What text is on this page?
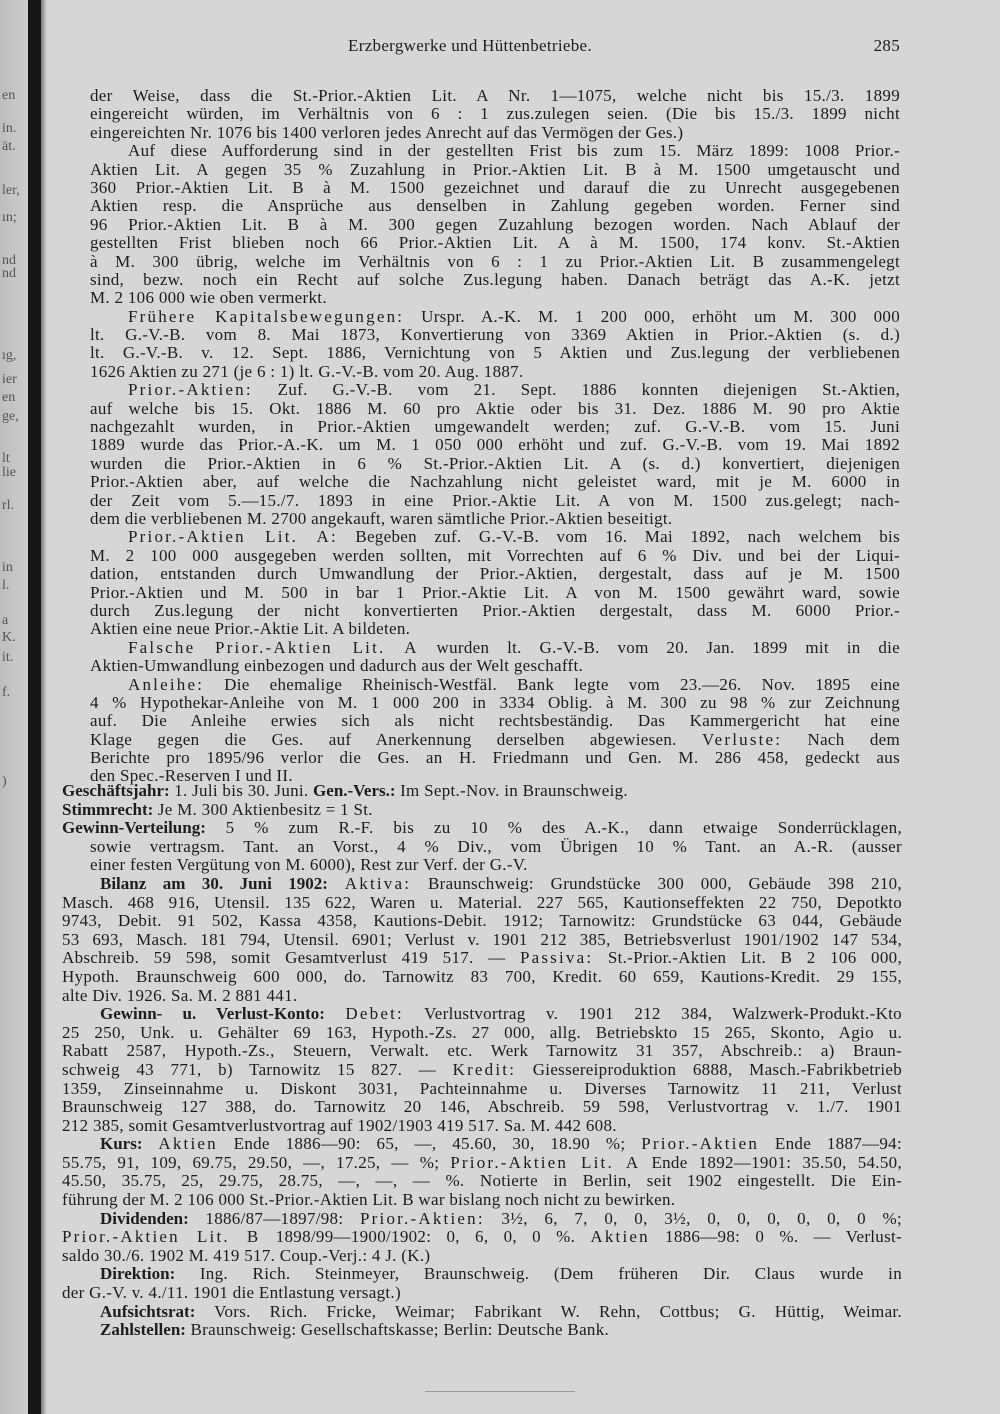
en
in.
ät.
ler,
ın;
nd
nd
ıg,
ier
en
ge,
lt
lie
rl.
in
l.
a
K.
it.
f.
)
Erzbergwerke und Hüttenbetriebe.	285
der Weise, dass die St.-Prior.-Aktien Lit. A Nr. 1—1075, welche nicht bis 15./3. 1899
eingereicht würden, im Verhältnis von 6 : 1 zus.zulegen seien. (Die bis 15./3. 1899 nicht
eingereichten Nr. 1076 bis 1400 verloren jedes Anrecht auf das Vermögen der Ges.)
Auf diese Aufforderung sind in der gestellten Frist bis zum 15. März 1899: 1008 Prior.-
Aktien Lit. A gegen 35 % Zuzahlung in Prior.-Aktien Lit. B à M. 1500 umgetauscht und
360 Prior.-Aktien Lit. B à M. 1500 gezeichnet und darauf die zu Unrecht ausgegebenen
Aktien resp. die Ansprüche aus denselben in Zahlung gegeben worden. Ferner sind
96 Prior.-Aktien Lit. B à M. 300 gegen Zuzahlung bezogen worden. Nach Ablauf der
gestellten Frist blieben noch 66 Prior.-Aktien Lit. A à M. 1500, 174 konv. St.-Aktien
à M. 300 übrig, welche im Verhältnis von 6 : 1 zu Prior.-Aktien Lit. B zusammengelegt
sind, bezw. noch ein Recht auf solche Zus.legung haben. Danach beträgt das A.-K. jetzt
M. 2 106 000 wie oben vermerkt.
Frühere Kapitalsbewegungen: Urspr. A.-K. M. 1 200 000, erhöht um M. 300 000
lt. G.-V.-B. vom 8. Mai 1873, Konvertierung von 3369 Aktien in Prior.-Aktien (s. d.)
lt. G.-V.-B. v. 12. Sept. 1886, Vernichtung von 5 Aktien und Zus.legung der verbliebenen
1626 Aktien zu 271 (je 6 : 1) lt. G.-V.-B. vom 20. Aug. 1887.
Prior.-Aktien: Zuf. G.-V.-B. vom 21. Sept. 1886 konnten diejenigen St.-Aktien,
auf welche bis 15. Okt. 1886 M. 60 pro Aktie oder bis 31. Dez. 1886 M. 90 pro Aktie
nachgezahlt wurden, in Prior.-Aktien umgewandelt werden; zuf. G.-V.-B. vom 15. Juni
1889 wurde das Prior.-A.-K. um M. 1 050 000 erhöht und zuf. G.-V.-B. vom 19. Mai 1892
wurden die Prior.-Aktien in 6 % St.-Prior.-Aktien Lit. A (s. d.) konvertiert, diejenigen
Prior.-Aktien aber, auf welche die Nachzahlung nicht geleistet ward, mit je M. 6000 in
der Zeit vom 5.—15./7. 1893 in eine Prior.-Aktie Lit. A von M. 1500 zus.gelegt; nach-
dem die verbliebenen M. 2700 angekauft, waren sämtliche Prior.-Aktien beseitigt.
Prior.-Aktien Lit. A: Begeben zuf. G.-V.-B. vom 16. Mai 1892, nach welchem bis
M. 2 100 000 ausgegeben werden sollten, mit Vorrechten auf 6 % Div. und bei der Liqui-
dation, entstanden durch Umwandlung der Prior.-Aktien, dergestalt, dass auf je M. 1500
Prior.-Aktien und M. 500 in bar 1 Prior.-Aktie Lit. A von M. 1500 gewährt ward, sowie
durch Zus.legung der nicht konvertierten Prior.-Aktien dergestalt, dass M. 6000 Prior.-
Aktien eine neue Prior.-Aktie Lit. A bildeten.
Falsche Prior.-Aktien Lit. A wurden lt. G.-V.-B. vom 20. Jan. 1899 mit in die
Aktien-Umwandlung einbezogen und dadurch aus der Welt geschafft.
Anleihe: Die ehemalige Rheinisch-Westfäl. Bank legte vom 23.—26. Nov. 1895 eine
4 % Hypothekar-Anleihe von M. 1 000 200 in 3334 Oblig. à M. 300 zu 98 % zur Zeichnung
auf. Die Anleihe erwies sich als nicht rechtsbeständig. Das Kammergericht hat eine
Klage gegen die Ges. auf Anerkennung derselben abgewiesen. Verluste: Nach dem
Berichte pro 1895/96 verlor die Ges. an H. Friedmann und Gen. M. 286 458, gedeckt aus
den Spec.-Reserven I und II.
Geschäftsjahr: 1. Juli bis 30. Juni. Gen.-Vers.: Im Sept.-Nov. in Braunschweig.
Stimmrecht: Je M. 300 Aktienbesitz = 1 St.
Gewinn-Verteilung: 5 % zum R.-F. bis zu 10 % des A.-K., dann etwaige Sonderrücklagen,
sowie vertragsm. Tant. an Vorst., 4 % Div., vom Übrigen 10 % Tant. an A.-R. (ausser
einer festen Vergütung von M. 6000), Rest zur Verf. der G.-V.
Bilanz am 30. Juni 1902: Aktiva: Braunschweig: Grundstücke 300 000, Gebäude 398 210,
Masch. 468 916, Utensil. 135 622, Waren u. Material. 227 565, Kautionseffekten 22 750, Depotkto
9743, Debit. 91 502, Kassa 4358, Kautions-Debit. 1912; Tarnowitz: Grundstücke 63 044, Gebäude
53 693, Masch. 181 794, Utensil. 6901; Verlust v. 1901 212 385, Betriebsverlust 1901/1902 147 534,
Abschreib. 59 598, somit Gesamtverlust 419 517. — Passiva: St.-Prior.-Aktien Lit. B 2 106 000,
Hypoth. Braunschweig 600 000, do. Tarnowitz 83 700, Kredit. 60 659, Kautions-Kredit. 29 155,
alte Div. 1926. Sa. M. 2 881 441.
Gewinn- u. Verlust-Konto: Debet: Verlustvortrag v. 1901 212 384, Walzwerk-Produkt.-Kto
25 250, Unk. u. Gehälter 69 163, Hypoth.-Zs. 27 000, allg. Betriebskto 15 265, Skonto, Agio u.
Rabatt 2587, Hypoth.-Zs., Steuern, Verwalt. etc. Werk Tarnowitz 31 357, Abschreib.: a) Braun-
schweig 43 771, b) Tarnowitz 15 827. — Kredit: Giessereiproduktion 6888, Masch.-Fabrikbetrieb
1359, Zinseinnahme u. Diskont 3031, Pachteinnahme u. Diverses Tarnowitz 11 211, Verlust
Braunschweig 127 388, do. Tarnowitz 20 146, Abschreib. 59 598, Verlustvortrag v. 1./7. 1901
212 385, somit Gesamtverlustvortrag auf 1902/1903 419 517. Sa. M. 442 608.
Kurs: Aktien Ende 1886—90: 65, —, 45.60, 30, 18.90 %; Prior.-Aktien Ende 1887—94:
55.75, 91, 109, 69.75, 29.50, —, 17.25, — %; Prior.-Aktien Lit. A Ende 1892—1901: 35.50, 54.50,
45.50, 35.75, 25, 29.75, 28.75, —, —, — %. Notierte in Berlin, seit 1902 eingestellt. Die Ein-
führung der M. 2 106 000 St.-Prior.-Aktien Lit. B war bislang noch nicht zu bewirken.
Dividenden: 1886/87—1897/98: Prior.-Aktien: 3½, 6, 7, 0, 0, 3½, 0, 0, 0, 0, 0, 0 %;
Prior.-Aktien Lit. B 1898/99—1900/1902: 0, 6, 0, 0 %. Aktien 1886—98: 0 %. — Verlust-
saldo 30./6. 1902 M. 419 517. Coup.-Verj.: 4 J. (K.)
Direktion: Ing. Rich. Steinmeyer, Braunschweig. (Dem früheren Dir. Claus wurde in
der G.-V. v. 4./11. 1901 die Entlastung versagt.)
Aufsichtsrat: Vors. Rich. Fricke, Weimar; Fabrikant W. Rehn, Cottbus; G. Hüttig, Weimar.
Zahlstellen: Braunschweig: Gesellschaftskasse; Berlin: Deutsche Bank.
